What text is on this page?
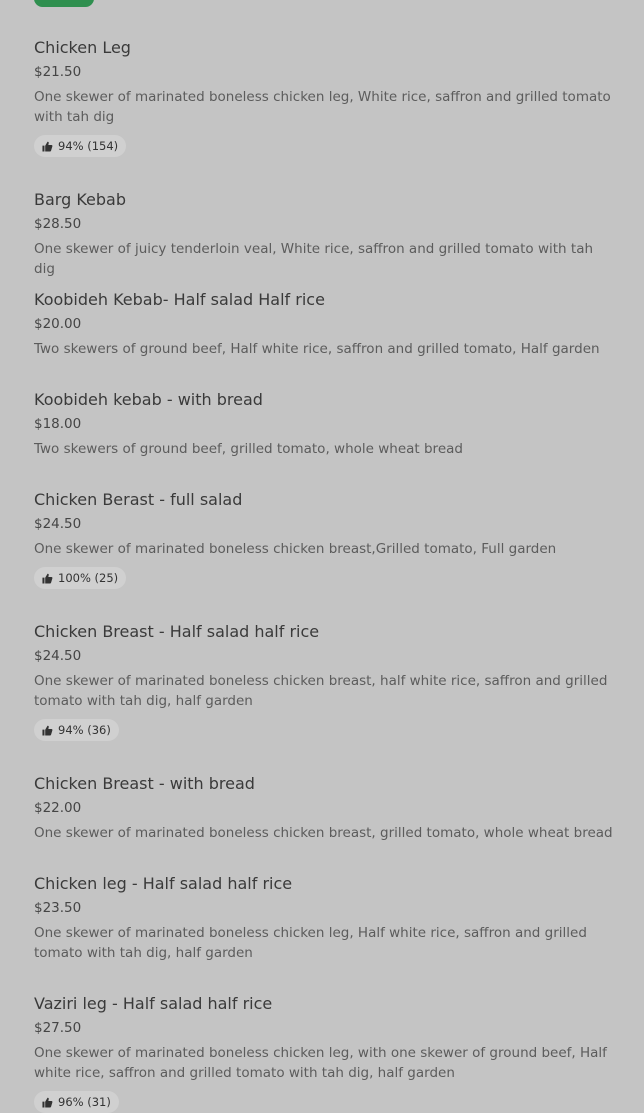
Chicken Leg
$21.50
One skewer of marinated boneless chicken leg, White rice, saffron and grilled tomato with tah dig
94% (154)
Barg Kebab
$28.50
One skewer of juicy tenderloin veal, White rice, saffron and grilled tomato with tah dig
Koobideh Kebab- Half salad Half rice
$20.00
Two skewers of ground beef, Half white rice, saffron and grilled tomato, Half garden
Koobideh kebab - with bread
$18.00
Two skewers of ground beef, grilled tomato, whole wheat bread
Chicken Berast - full salad
$24.50
One skewer of marinated boneless chicken breast,Grilled tomato, Full garden
100% (25)
Chicken Breast - Half salad half rice
$24.50
One skewer of marinated boneless chicken breast, half white rice, saffron and grilled tomato with tah dig, half garden
94% (36)
Chicken Breast - with bread
$22.00
One skewer of marinated boneless chicken breast, grilled tomato, whole wheat bread
Chicken leg - Half salad half rice
$23.50
One skewer of marinated boneless chicken leg, Half white rice, saffron and grilled tomato with tah dig, half garden
Vaziri leg - Half salad half rice
$27.50
One skewer of marinated boneless chicken leg, with one skewer of ground beef, Half white rice, saffron and grilled tomato with tah dig, half garden
96% (31)
